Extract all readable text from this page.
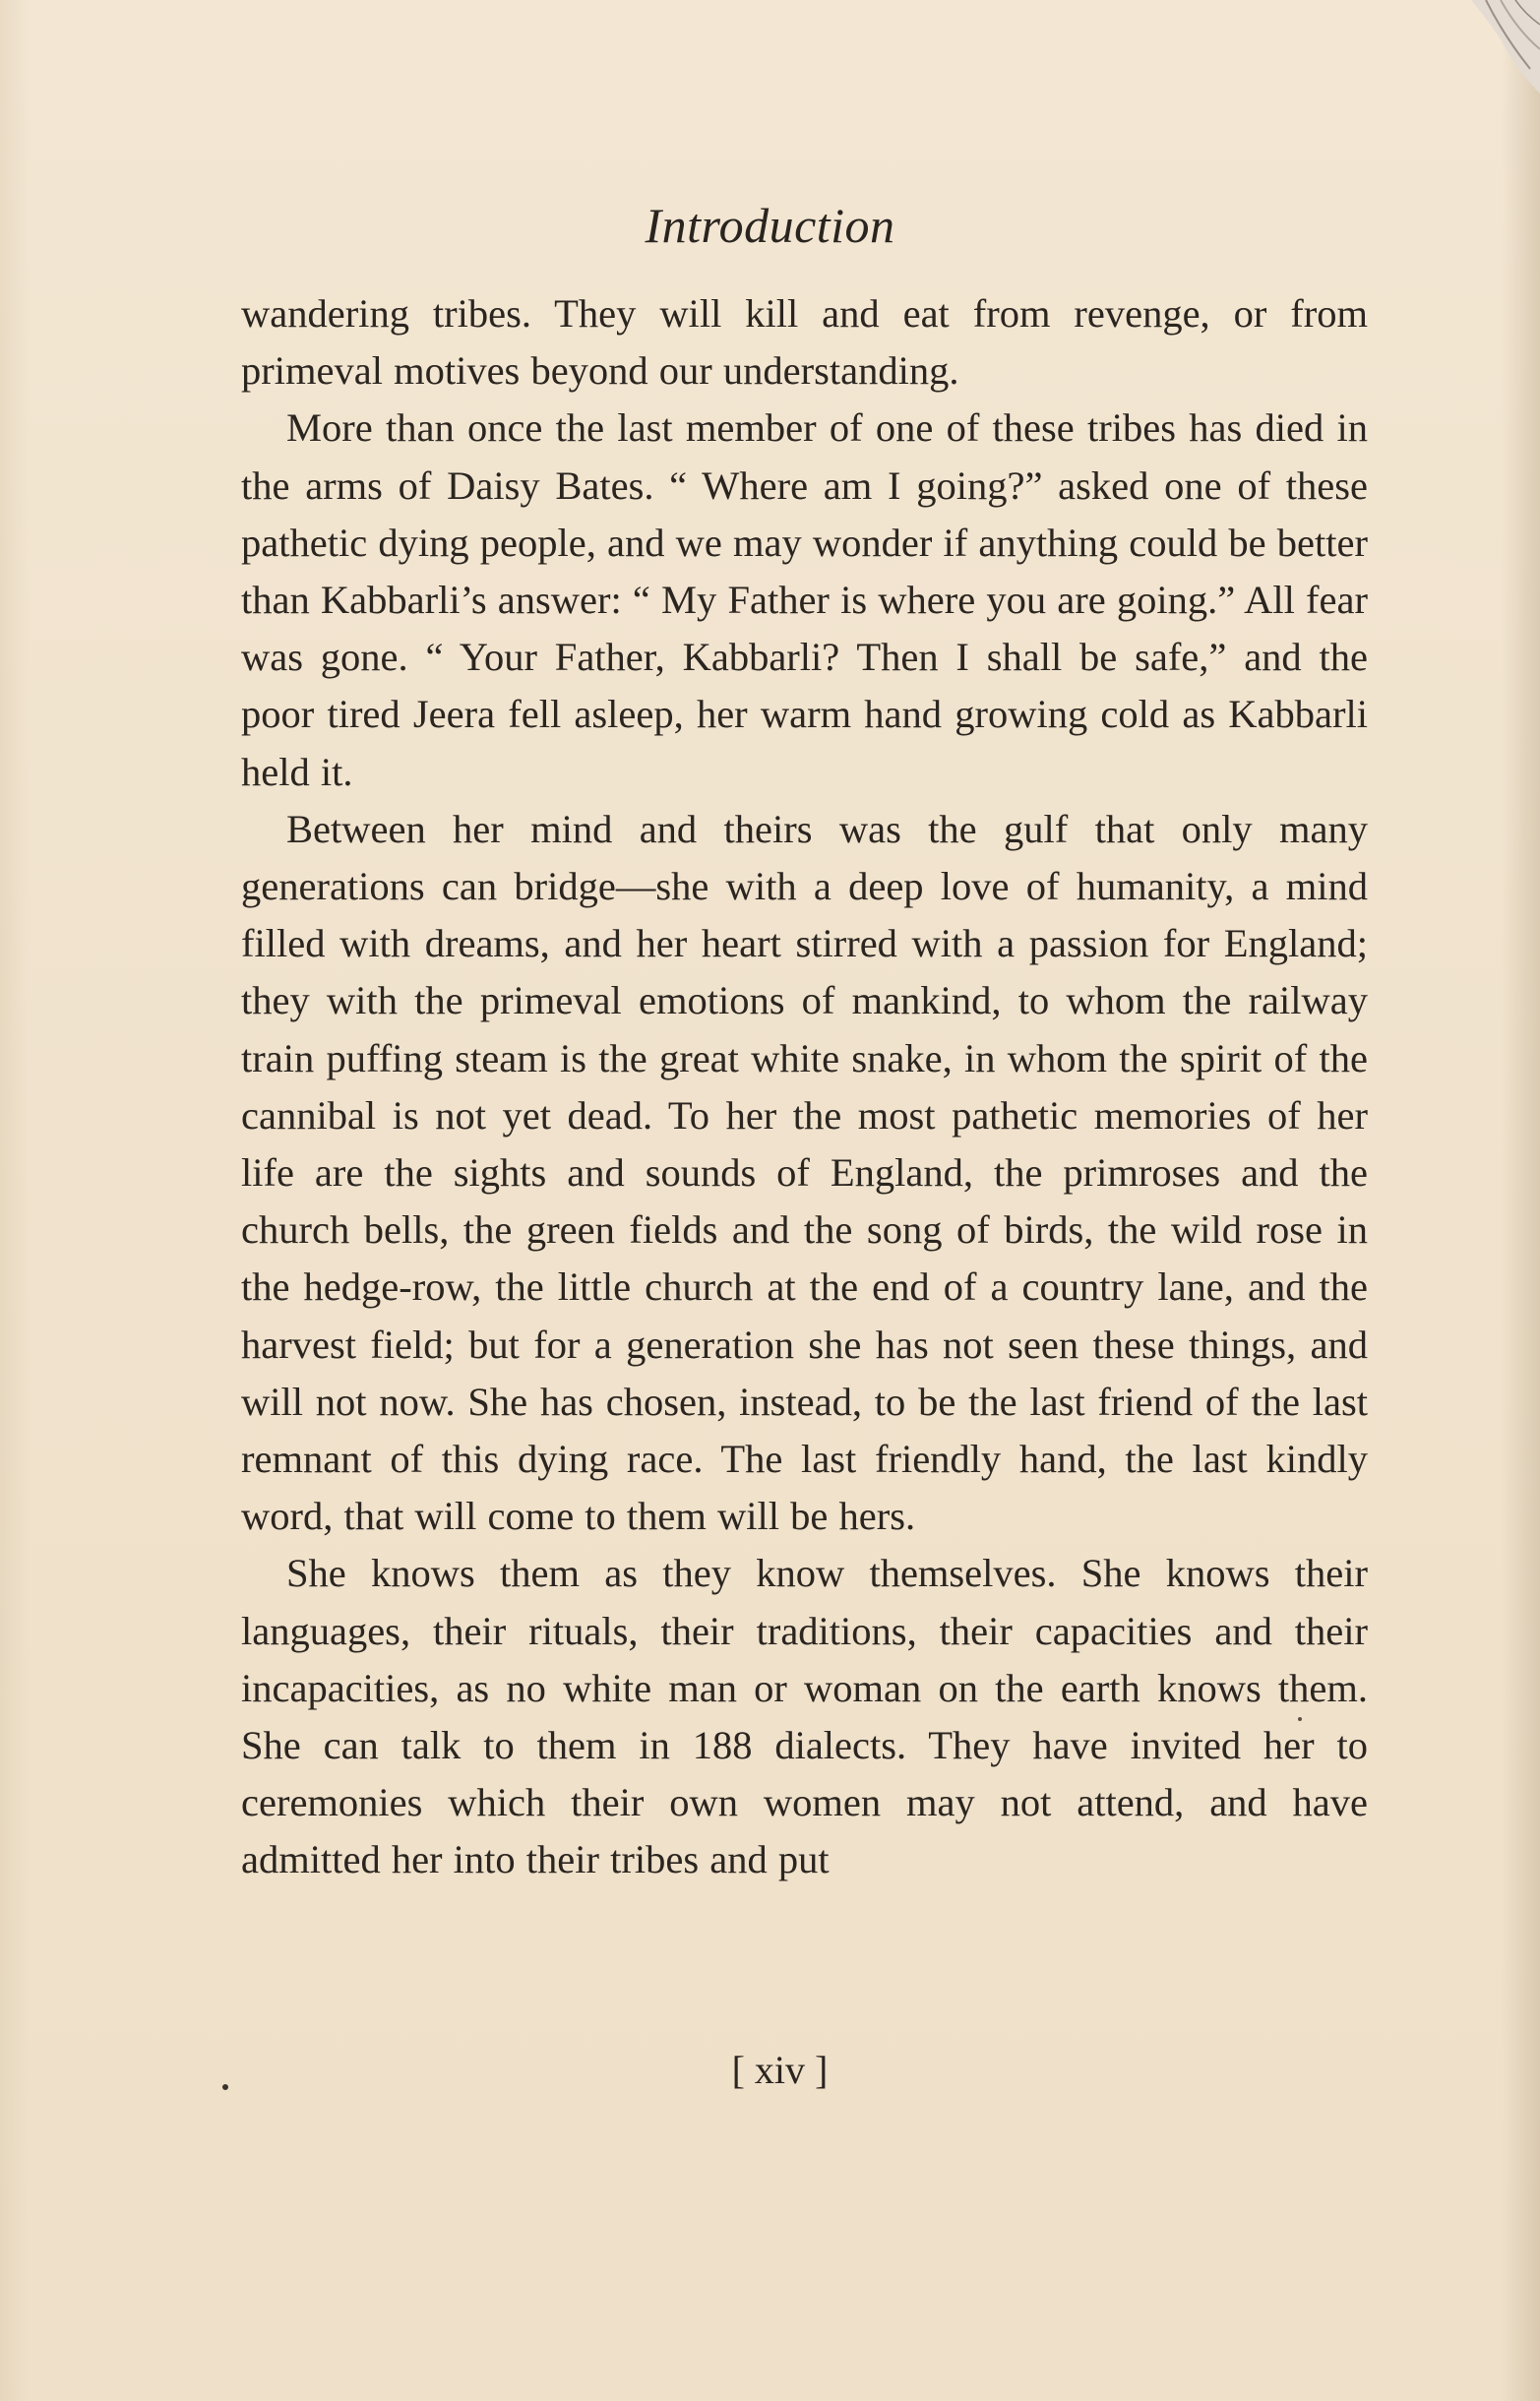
Introduction

wandering tribes. They will kill and eat from revenge, or from primeval motives beyond our understanding.

More than once the last member of one of these tribes has died in the arms of Daisy Bates. “ Where am I going?” asked one of these pathetic dying people, and we may wonder if anything could be better than Kabbarli’s answer: “ My Father is where you are going.” All fear was gone. “ Your Father, Kabbarli? Then I shall be safe,” and the poor tired Jeera fell asleep, her warm hand growing cold as Kabbarli held it.

Between her mind and theirs was the gulf that only many generations can bridge—she with a deep love of humanity, a mind filled with dreams, and her heart stirred with a passion for England; they with the primeval emotions of mankind, to whom the railway train puffing steam is the great white snake, in whom the spirit of the cannibal is not yet dead. To her the most pathetic memories of her life are the sights and sounds of England, the primroses and the church bells, the green fields and the song of birds, the wild rose in the hedge-row, the little church at the end of a country lane, and the harvest field; but for a generation she has not seen these things, and will not now. She has chosen, instead, to be the last friend of the last remnant of this dying race. The last friendly hand, the last kindly word, that will come to them will be hers.

She knows them as they know themselves. She knows their languages, their rituals, their traditions, their capacities and their incapacities, as no white man or woman on the earth knows them. She can talk to them in 188 dialects. They have invited her to ceremonies which their own women may not attend, and have admitted her into their tribes and put

[ xiv ]
